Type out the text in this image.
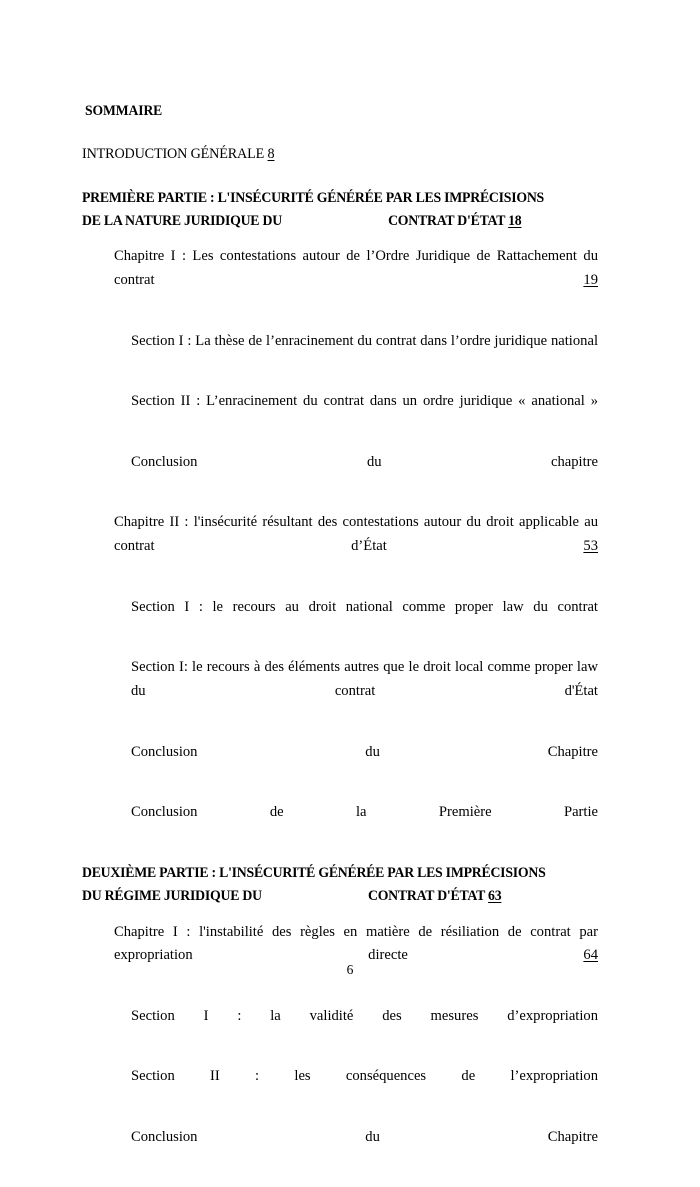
SOMMAIRE
INTRODUCTION GÉNÉRALE 8
PREMIÈRE PARTIE : L'INSÉCURITÉ GÉNÉRÉE PAR LES IMPRÉCISIONS
DE LA NATURE JURIDIQUE DU	CONTRAT D'ÉTAT 18
Chapitre I : Les contestations autour de l’Ordre Juridique de Rattachement du contrat	19
Section I : La thèse de l’enracinement du contrat dans l’ordre juridique national
Section II : L’enracinement du contrat dans un ordre juridique « anational »
Conclusion du chapitre
Chapitre II : l'insécurité résultant des contestations autour du droit applicable au contrat d’État	53
Section I : le recours au droit national comme proper law du contrat
Section I: le recours à des éléments autres que le droit local comme proper law du contrat d'État
Conclusion du Chapitre
Conclusion de la Première Partie
DEUXIÈME PARTIE : L'INSÉCURITÉ GÉNÉRÉE PAR LES IMPRÉCISIONS
DU RÉGIME JURIDIQUE DU	CONTRAT D'ÉTAT 63
Chapitre I : l'instabilité des règles en matière de résiliation de contrat par expropriation directe	64
Section I : la validité des mesures d’expropriation
Section II : les conséquences de l’expropriation
Conclusion du Chapitre
6
